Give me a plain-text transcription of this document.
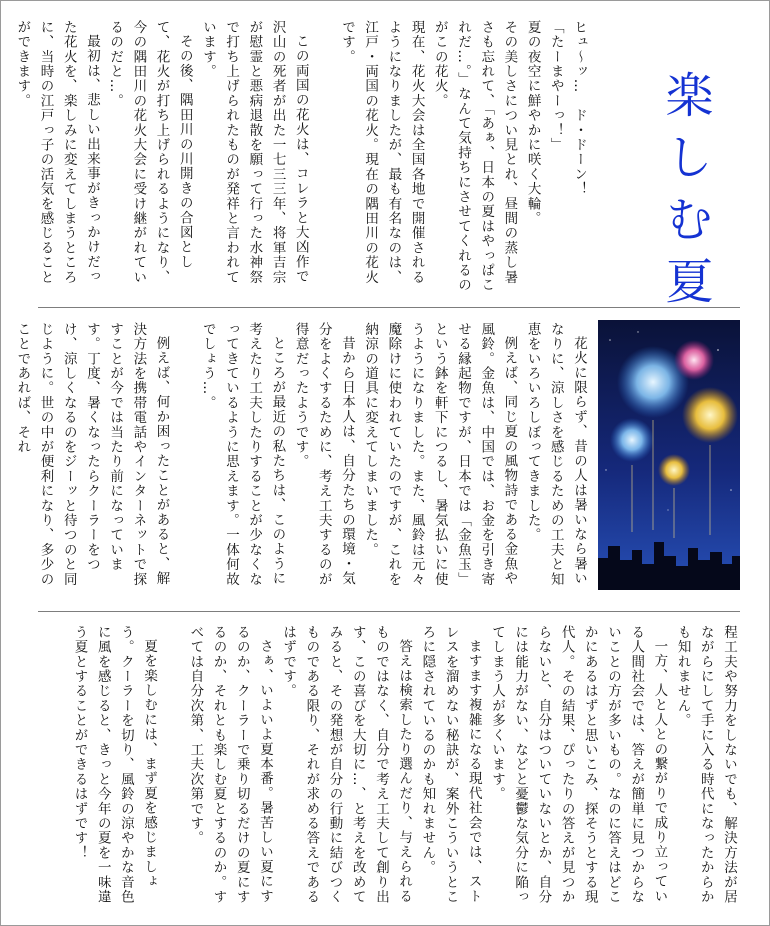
楽しむ夏

ヒュ～ッ…　ド・ドーン！

「たーまやーっ！」

夏の夜空に鮮やかに咲く大輪。

その美しさについ見とれ、昼間の蒸し暑さも忘れて、「あぁ、日本の夏はやっぱこれだ…。」なんて気持ちにさせてくれるのがこの花火。

現在、花火大会は全国各地で開催されるようになりましたが、最も有名なのは、江戸・両国の花火。現在の隅田川の花火です。

この両国の花火は、コレラと大凶作で沢山の死者が出た一七三三年、将軍吉宗が慰霊と悪病退散を願って行った水神祭で打ち上げられたものが発祥と言われています。

その後、隅田川の川開きの合図として、花火が打ち上げられるようになり、今の隅田川の花火大会に受け継がれているのだと…。

最初は、悲しい出来事がきっかけだった花火を、楽しみに変えてしまうところに、当時の江戸っ子の活気を感じることができます。

花火に限らず、昔の人は暑いなら暑いなりに、涼しさを感じるための工夫と知恵をいろいろしぼってきました。

例えば、同じ夏の風物詩である金魚や風鈴。金魚は、中国では、お金を引き寄せる縁起物ですが、日本では「金魚玉」という鉢を軒下につるし、暑気払いに使うようになりました。また、風鈴は元々魔除けに使われていたのですが、これを納涼の道具に変えてしまいました。

昔から日本人は、自分たちの環境・気分をよくするために、考え工夫するのが得意だったようです。

ところが最近の私たちは、このように考えたり工夫したりすることが少なくなってきているように思えます。一体何故でしょう…。

例えば、何か困ったことがあると、解決方法を携帯電話やインターネットで探すことが今では当たり前になっています。丁度、暑くなったらクーラーをつけ、涼しくなるのをジーッと待つのと同じように。世の中が便利になり、多少のことであれば、それ

程工夫や努力をしないでも、解決方法が居ながらにして手に入る時代になったからかも知れません。

一方、人と人との繋がりで成り立っている人間社会では、答えが簡単に見つからないことの方が多いもの。なのに答えはどこかにあるはずと思いこみ、探そうとする現代人。その結果、ぴったりの答えが見つからないと、自分はついていないとか、自分には能力がない、などと憂鬱な気分に陥ってしまう人が多くいます。

ますます複雑になる現代社会では、ストレスを溜めない秘訣が、案外こういうところに隠されているのかも知れません。

答えは検索したり選んだり、与えられるものではなく、自分で考え工夫して創り出す、この喜びを大切に…、と考えを改めてみると、その発想が自分の行動に結びつくものである限り、それが求める答えであるはずです。

さぁ、いよいよ夏本番。暑苦しい夏にするのか、クーラーで乗り切るだけの夏にするのか、それとも楽しむ夏とするのか。すべては自分次第、工夫次第です。

夏を楽しむには、まず夏を感じましょう。クーラーを切り、風鈴の涼やかな音色に風を感じると、きっと今年の夏を一味違う夏とすることができるはずです！
